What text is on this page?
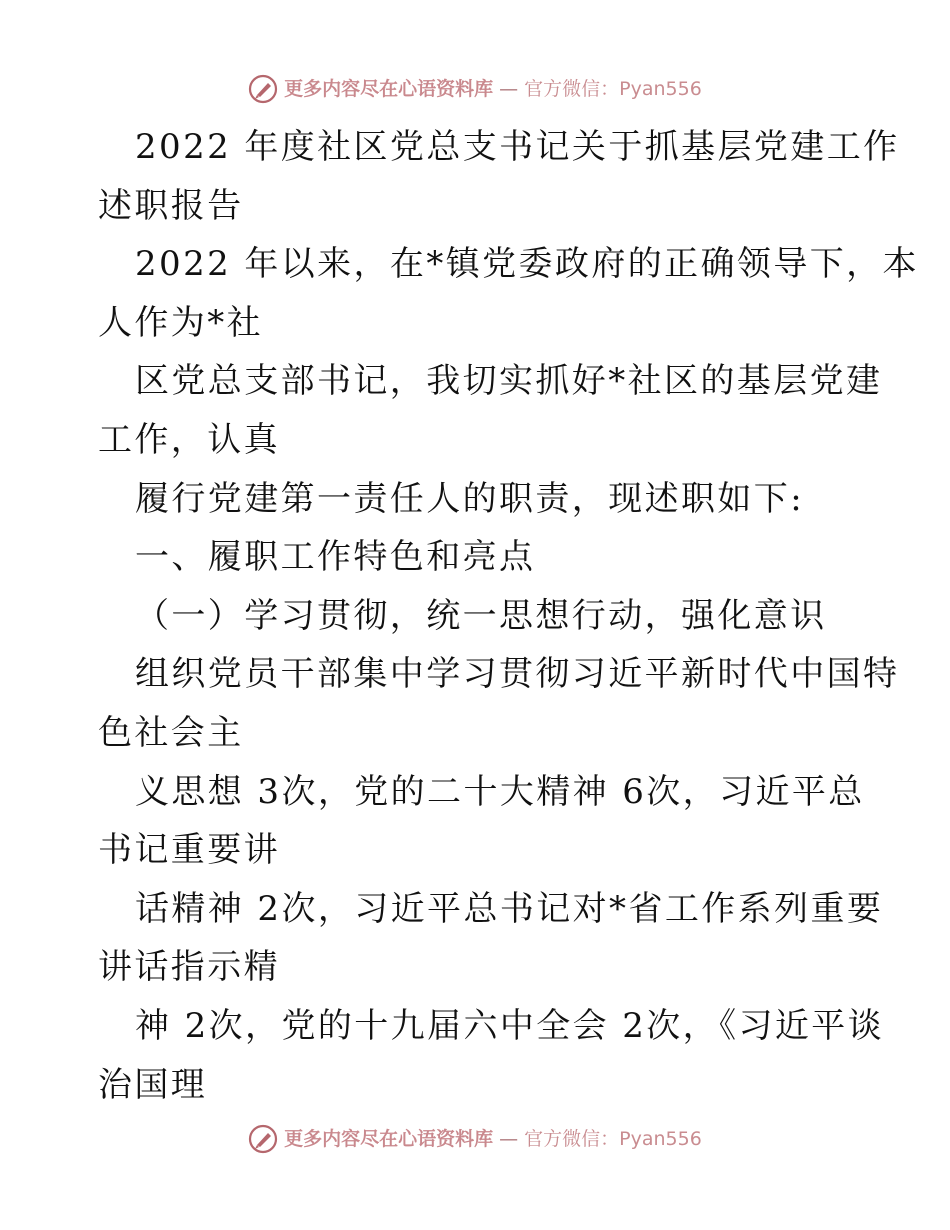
更多内容尽在心语资料库 — 官方微信：Pyan556
2022 年度社区党总支书记关于抓基层党建工作
述职报告
2022 年以来，在*镇党委政府的正确领导下，本
人作为*社
区党总支部书记，我切实抓好*社区的基层党建
工作，认真
履行党建第一责任人的职责，现述职如下:
一、履职工作特色和亮点
（一）学习贯彻，统一思想行动，强化意识
组织党员干部集中学习贯彻习近平新时代中国特
色社会主
义思想 3次，党的二十大精神 6次，习近平总
书记重要讲
话精神 2次，习近平总书记对*省工作系列重要
讲话指示精
神 2次，党的十九届六中全会 2次，《习近平谈
治国理
更多内容尽在心语资料库 — 官方微信：Pyan556
